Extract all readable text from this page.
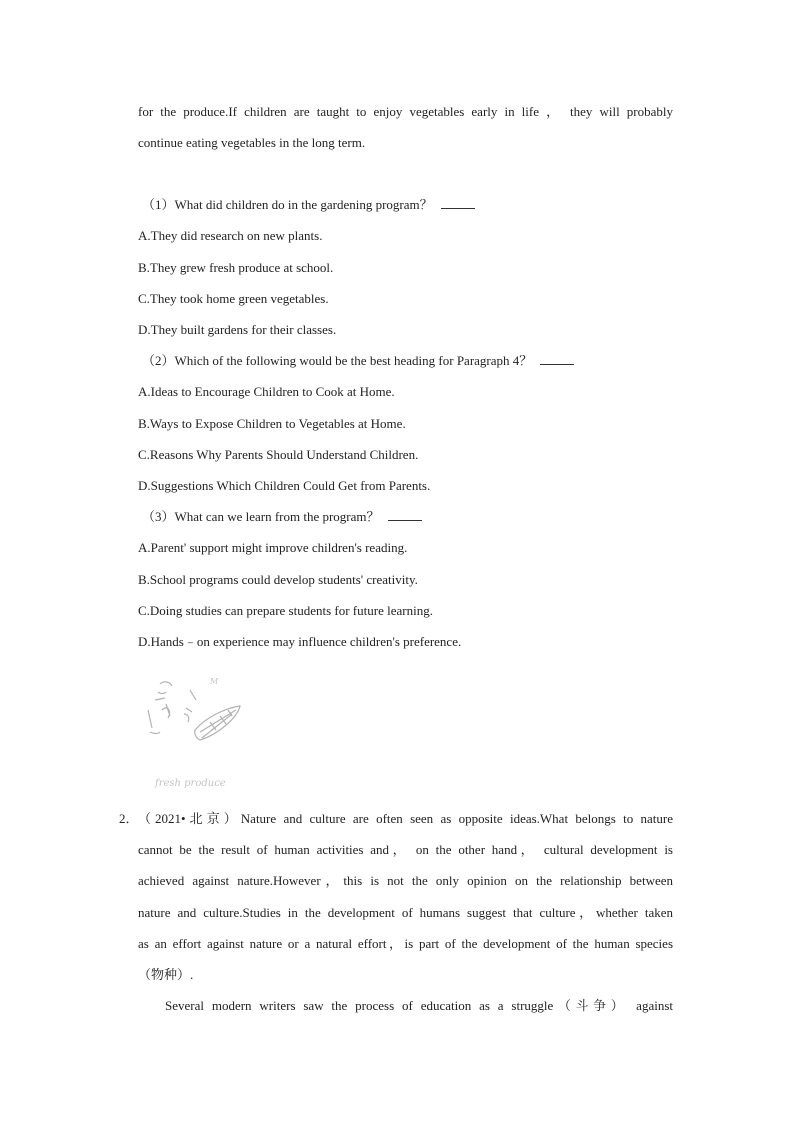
for the produce.If children are taught to enjoy vegetables early in life ， they will probably
continue eating vegetables in the long term.
（1）What did children do in the gardening program？
A.They did research on new plants.
B.They grew fresh produce at school.
C.They took home green vegetables.
D.They built gardens for their classes.
（2）Which of the following would be the best heading for Paragraph 4？
A.Ideas to Encourage Children to Cook at Home.
B.Ways to Expose Children to Vegetables at Home.
C.Reasons Why Parents Should Understand Children.
D.Suggestions Which Children Could Get from Parents.
（3）What can we learn from the program？
A.Parent' support might improve children's reading.
B.School programs could develop students' creativity.
C.Doing studies can prepare students for future learning.
D.Hands﹣on experience may influence children's preference.
M
fresh produce
2． （2021•北京）Nature and culture are often seen as opposite ideas.What belongs to nature
cannot be the result of human activities and， on the other hand， cultural development is
achieved against nature.However，this is not the only opinion on the relationship between
nature and culture.Studies in the development of humans suggest that culture，whether taken
as an effort against nature or a natural effort，is part of the development of the human species
（物种）.
Several modern writers saw the process of education as a struggle（斗争） against
